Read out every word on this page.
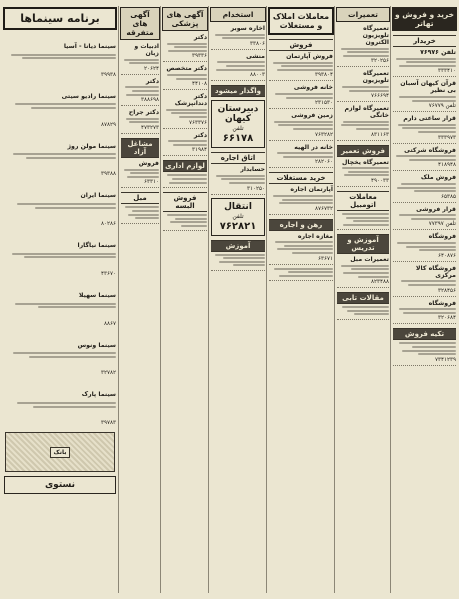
خرید و فروش و تهاتر
خریدار
تلفن ۷۶۹۷۶
۳۳۳۴۱۰
قرآن کیهان آسبان بی نظیر
تلفن ۷۶۷۷۹
قرار ساعتی دارم
۳۳۳۹۷۳
فروشگاه شرکتی
۴۱۸۹۴۸
فروش ملک
۶۵۳۸۵
قرار فروشی
تلفن ۷۷۳۹۷
فروشگاه
۶۴۰۸۷۶
فروشگاه کالا مرکزی
۳۲۸۴۵۶
فروشگاه
۳۲۰۶۸۴
تکیه فروش
۷۳۴۱۲۳۹
تعمیرات
تعمیرگاه تلویزیون الکترون
۳۲۰۲۵۶
تعمیرگاه تلویزیون
۷۶۶۶۹۴
تعمیرگاه لوازم خانگی
۸۳۱۱۶۳
فروش تعمیر
تعمیرگاه یخچال
۴۹۰۰۳۳
معاملات اتومبیل
آموزش و تدریس
تعمیرات مبل
۸۲۳۴۸۸
مقالات تابی
معاملات املاک و مستغلات
فروش
فروش آپارتمان
۳۹۳۸۰۴
خانه فروشی
۲۳۱۵۳۰
زمین فروشی
۷۶۳۲۸۲
خانه در الهیه
۲۸۲۰۶۰
خرید مستغلات
آپارتمان اجاره
۸۷۶۷۳۲
رهن و اجاره
مغازه اجاره
۶۳۶۷۱
استخدام
اخاره سوبر
۳۳۸۰۶
منشی
۸۸۰۰۳
واگذار میشود
دبیرستان کیهان
تلفن
۶۶۱۷۸
اتاق اجاره
حسابدار
۳۱۰۲۵۰
انتقال
تلفن
۷۶۲۸۲۱
آموزش
آگهی های پزشکی
دکتر
۳۹۳۳۶
دکتر متخصص
۴۴۱۰۸
دکتر دندانپزشک
۷۶۳۳۷۶
دکتر
۳۱۹۸۴
لوازم اداری
فروش البسه
آگهی های متفرقه
ادبیات و زبان
۲۰۶۲۴
دکتر
۳۸۸۶۹۸
دکتر جراح
۴۷۳۲۷۳
مشاغل آزاد
فروش
۶۳۳۱۰
مبل
برنامه سینماها
سینما دیانا - آسیا
۳۹۹۳۸
سینما رادیو سیتی
۸۷۸۲۹
سینما مولن روژ
۳۹۳۸۸
سینما ایران
۸۰۲۸۶
سینما نیاگارا
۴۳۶۷۰
سینما سهیلا
۸۸۶۷
سینما ونوس
۳۲۷۸۲
سینما پارک
۳۹۷۸۳
بانک
نستوی
